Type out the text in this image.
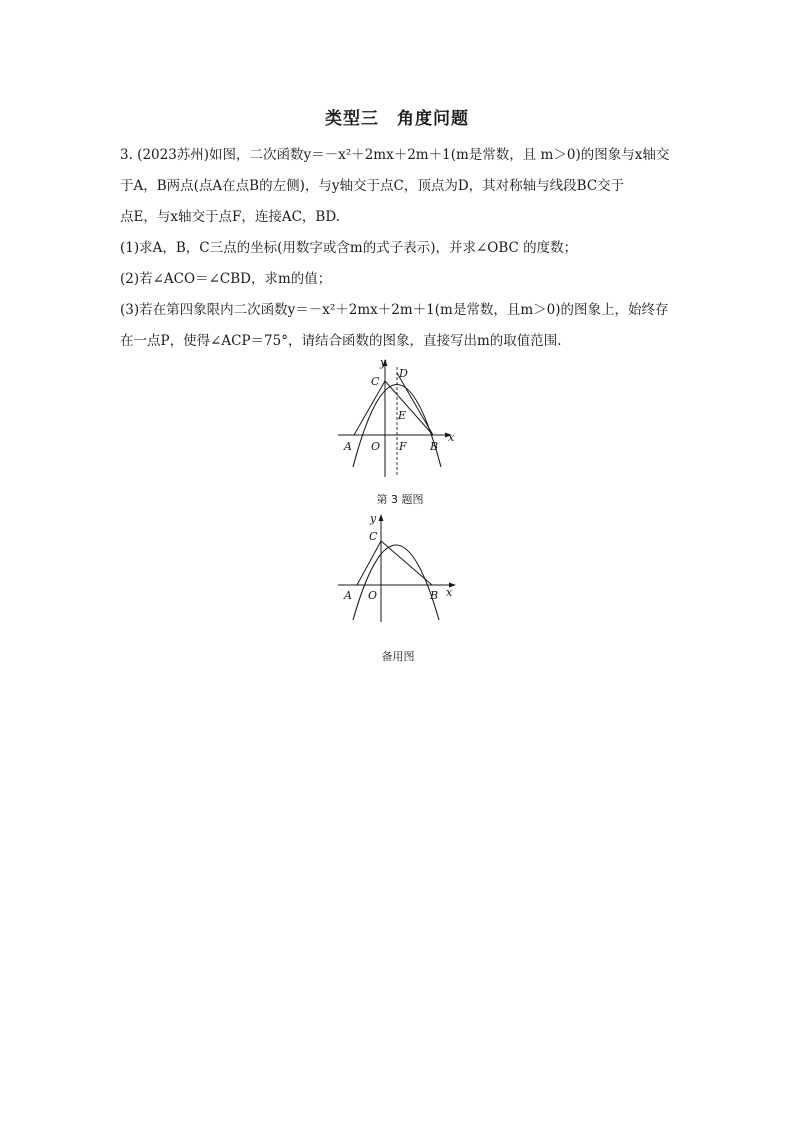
类型三　角度问题

3. (2023苏州)如图，二次函数y＝－x²＋2mx＋2m＋1(m是常数，且 m＞0)的图象与x轴交

于A，B两点(点A在点B的左侧)，与y轴交于点C，顶点为D，其对称轴与线段BC交于

点E，与x轴交于点F，连接AC，BD.

(1)求A，B，C三点的坐标(用数字或含m的式子表示)，并求∠OBC 的度数；

(2)若∠ACO＝∠CBD，求m的值；

(3)若在第四象限内二次函数y＝－x²＋2mx＋2m＋1(m是常数，且m＞0)的图象上，始终存

在一点P，使得∠ACP＝75°，请结合函数的图象，直接写出m的取值范围.

y
x
A O F B
C
D
E
第 3 题图
y
x
A O	B
C
备用图
